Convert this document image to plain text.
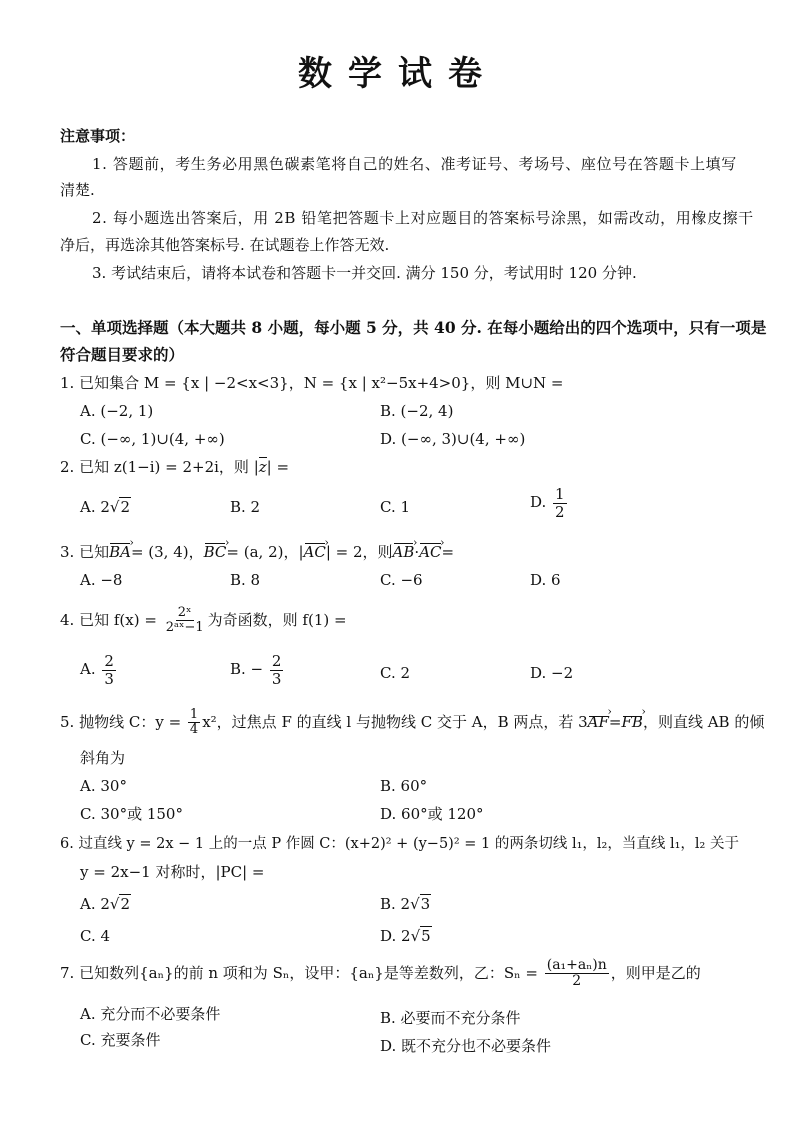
数学试卷
注意事项：
1. 答题前，考生务必用黑色碳素笔将自己的姓名、准考证号、考场号、座位号在答题卡上填写
清楚.
2. 每小题选出答案后，用 2B 铅笔把答题卡上对应题目的答案标号涂黑，如需改动，用橡皮擦干
净后，再选涂其他答案标号. 在试题卷上作答无效.
3. 考试结束后，请将本试卷和答题卡一并交回. 满分 150 分，考试用时 120 分钟.
一、单项选择题（本大题共 8 小题，每小题 5 分，共 40 分. 在每小题给出的四个选项中，只有一项是
符合题目要求的）
1. 已知集合 M = {x | −2<x<3}，N = {x | x²−5x+4>0}，则 M∪N =
A. (−2, 1)	B. (−2, 4)
C. (−∞, 1)∪(4, +∞)	D. (−∞, 3)∪(4, +∞)
2. 已知 z(1−i) = 2+2i，则 |z| =
A. 2√2	B. 2	C. 1	D. $\frac{1}{2}$
3. 已知BA ›= (3, 4)，BC ›= (a, 2)，|AC ›| = 2，则AB ›·AC ›=
A. −8	B. 8	C. −6	D. 6
4. 已知 $f(x) = \frac{\text{2ˣ}}{\text{2ᵃˣ−1}}$ 为奇函数，则 f(1) =
A. $\frac{2}{3}$	B. − $\frac{2}{3}$	C. 2	D. −2
5. 抛物线 C：$y = \frac{1}{4} x^2$，过焦点 F 的直线 l 与抛物线 C 交于 A，B 两点，若 3AF ›=FB ›，则直线 AB 的倾
斜角为
A. 30°	B. 60°
C. 30°或 150°	D. 60°或 120°
6. 过直线 y = 2x − 1 上的一点 P 作圆 C：(x+2)² + (y−5)² = 1 的两条切线 l₁，l₂，当直线 l₁，l₂ 关于
y = 2x−1 对称时，|PC| =
A. 2√2	B. 2√3
C. 4	D. 2√5
7. 已知数列{aₙ}的前 n 项和为 Sₙ，设甲：{aₙ}是等差数列，乙：$S_n = \frac{\text{(a₁+aₙ)n}}{2}$ ，则甲是乙的
A. 充分而不必要条件	B. 必要而不充分条件
C. 充要条件	D. 既不充分也不必要条件
